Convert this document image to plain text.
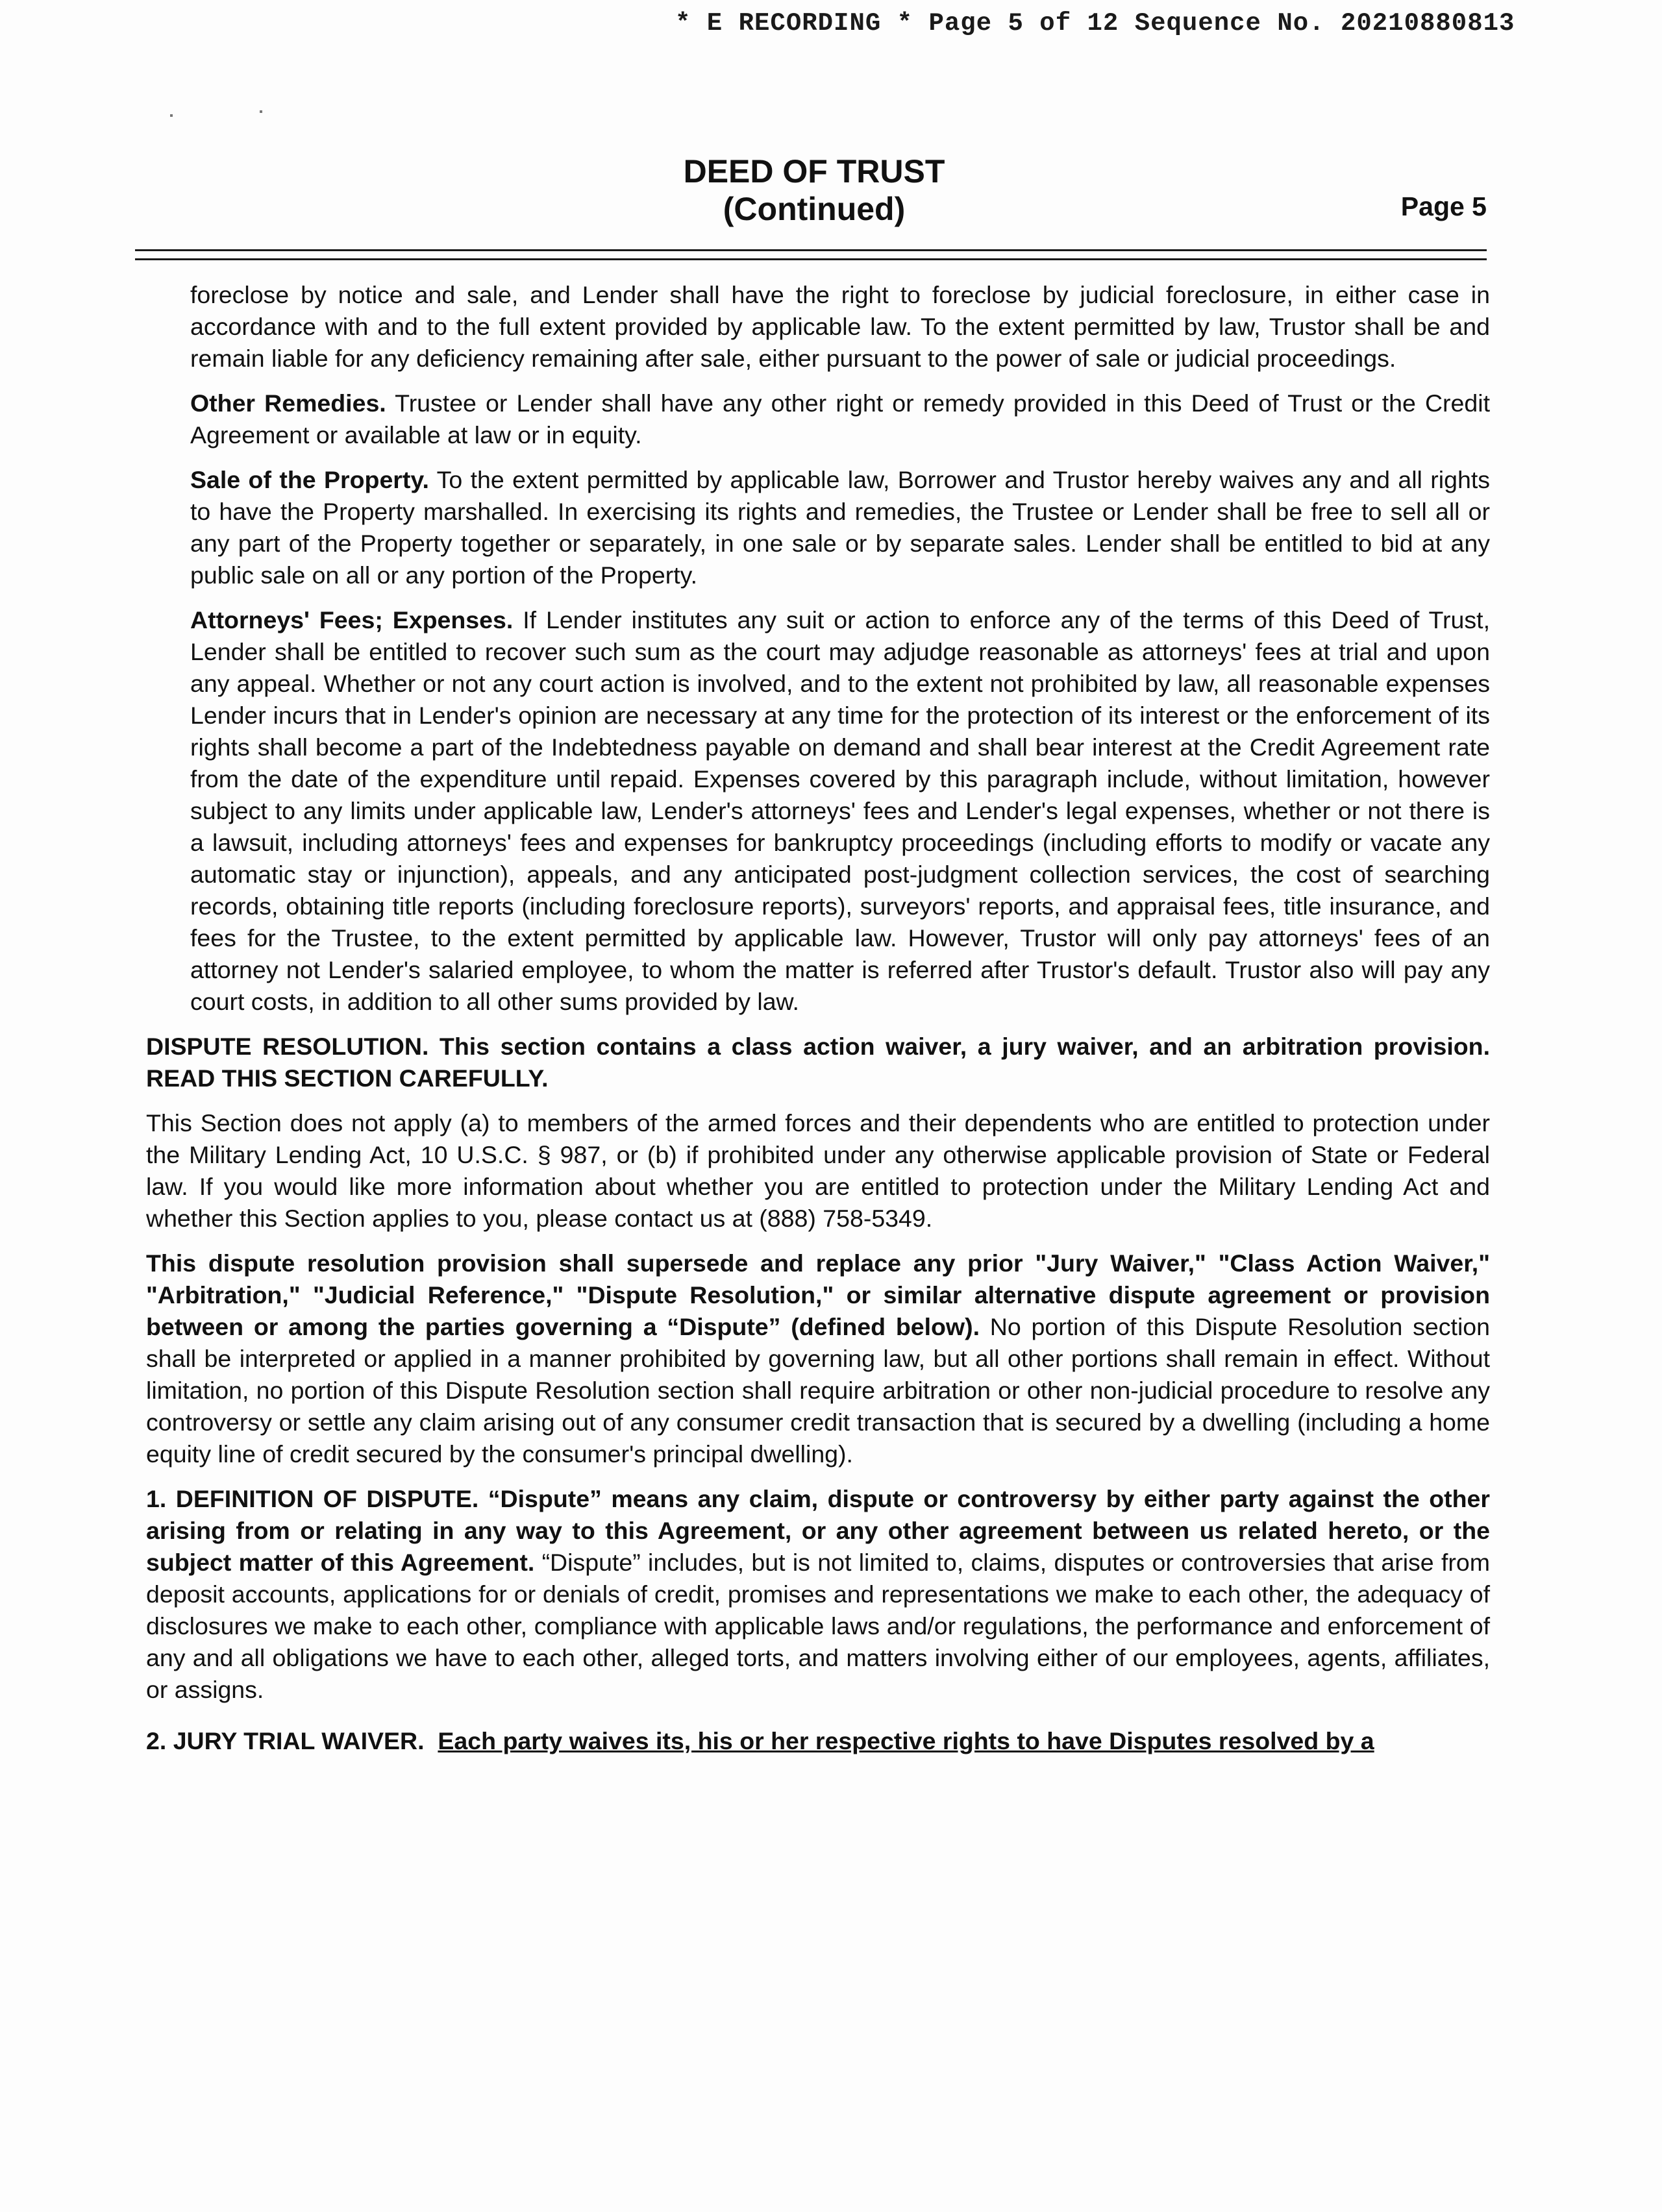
* E RECORDING * Page 5 of 12 Sequence No. 20210880813
DEED OF TRUST
(Continued)	Page 5

foreclose by notice and sale, and Lender shall have the right to foreclose by judicial foreclosure, in either case in accordance with and to the full extent provided by applicable law. To the extent permitted by law, Trustor shall be and remain liable for any deficiency remaining after sale, either pursuant to the power of sale or judicial proceedings.

Other Remedies. Trustee or Lender shall have any other right or remedy provided in this Deed of Trust or the Credit Agreement or available at law or in equity.

Sale of the Property. To the extent permitted by applicable law, Borrower and Trustor hereby waives any and all rights to have the Property marshalled. In exercising its rights and remedies, the Trustee or Lender shall be free to sell all or any part of the Property together or separately, in one sale or by separate sales. Lender shall be entitled to bid at any public sale on all or any portion of the Property.

Attorneys' Fees; Expenses. If Lender institutes any suit or action to enforce any of the terms of this Deed of Trust, Lender shall be entitled to recover such sum as the court may adjudge reasonable as attorneys' fees at trial and upon any appeal. Whether or not any court action is involved, and to the extent not prohibited by law, all reasonable expenses Lender incurs that in Lender's opinion are necessary at any time for the protection of its interest or the enforcement of its rights shall become a part of the Indebtedness payable on demand and shall bear interest at the Credit Agreement rate from the date of the expenditure until repaid. Expenses covered by this paragraph include, without limitation, however subject to any limits under applicable law, Lender's attorneys' fees and Lender's legal expenses, whether or not there is a lawsuit, including attorneys' fees and expenses for bankruptcy proceedings (including efforts to modify or vacate any automatic stay or injunction), appeals, and any anticipated post-judgment collection services, the cost of searching records, obtaining title reports (including foreclosure reports), surveyors' reports, and appraisal fees, title insurance, and fees for the Trustee, to the extent permitted by applicable law. However, Trustor will only pay attorneys' fees of an attorney not Lender's salaried employee, to whom the matter is referred after Trustor's default. Trustor also will pay any court costs, in addition to all other sums provided by law.

DISPUTE RESOLUTION. This section contains a class action waiver, a jury waiver, and an arbitration provision. READ THIS SECTION CAREFULLY.

This Section does not apply (a) to members of the armed forces and their dependents who are entitled to protection under the Military Lending Act, 10 U.S.C. § 987, or (b) if prohibited under any otherwise applicable provision of State or Federal law. If you would like more information about whether you are entitled to protection under the Military Lending Act and whether this Section applies to you, please contact us at (888) 758-5349.

This dispute resolution provision shall supersede and replace any prior "Jury Waiver," "Class Action Waiver," "Arbitration," "Judicial Reference," "Dispute Resolution," or similar alternative dispute agreement or provision between or among the parties governing a “Dispute” (defined below). No portion of this Dispute Resolution section shall be interpreted or applied in a manner prohibited by governing law, but all other portions shall remain in effect. Without limitation, no portion of this Dispute Resolution section shall require arbitration or other non-judicial procedure to resolve any controversy or settle any claim arising out of any consumer credit transaction that is secured by a dwelling (including a home equity line of credit secured by the consumer's principal dwelling).

1. DEFINITION OF DISPUTE. “Dispute” means any claim, dispute or controversy by either party against the other arising from or relating in any way to this Agreement, or any other agreement between us related hereto, or the subject matter of this Agreement. “Dispute” includes, but is not limited to, claims, disputes or controversies that arise from deposit accounts, applications for or denials of credit, promises and representations we make to each other, the adequacy of disclosures we make to each other, compliance with applicable laws and/or regulations, the performance and enforcement of any and all obligations we have to each other, alleged torts, and matters involving either of our employees, agents, affiliates, or assigns.

2. JURY TRIAL WAIVER. Each party waives its, his or her respective rights to have Disputes resolved by a
